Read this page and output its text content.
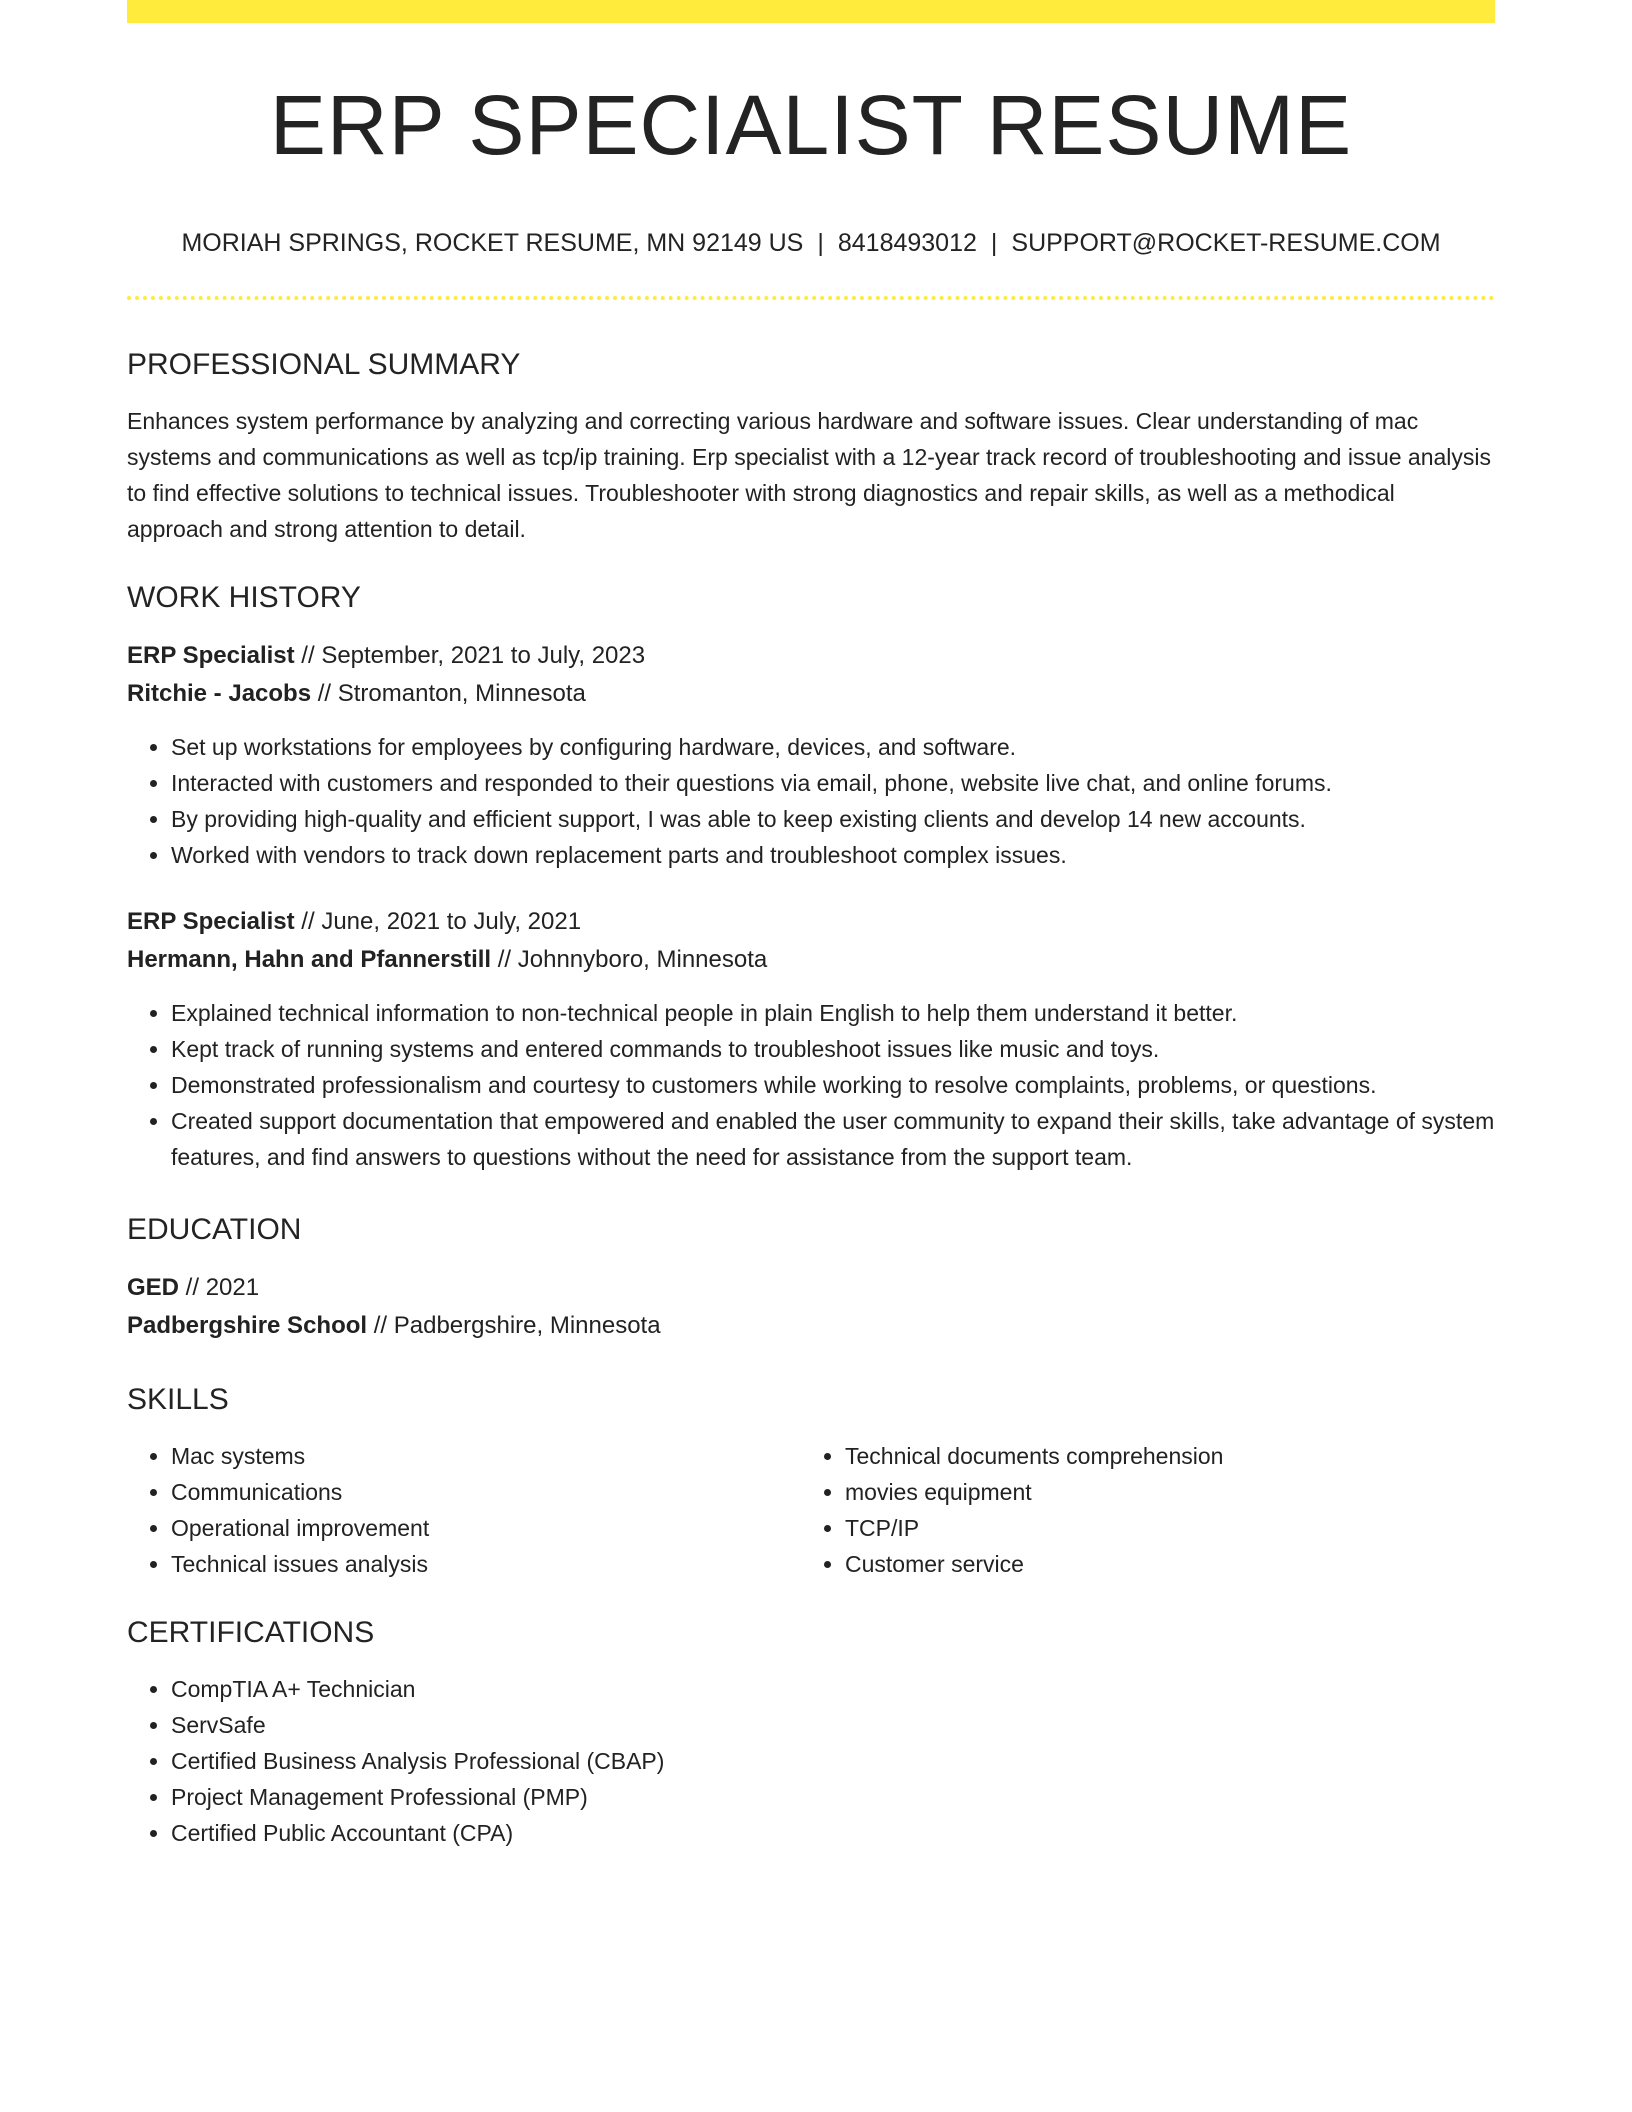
ERP SPECIALIST RESUME
MORIAH SPRINGS, ROCKET RESUME, MN 92149 US | 8418493012 | SUPPORT@ROCKET-RESUME.COM
PROFESSIONAL SUMMARY

Enhances system performance by analyzing and correcting various hardware and software issues. Clear understanding of mac systems and communications as well as tcp/ip training. Erp specialist with a 12-year track record of troubleshooting and issue analysis to find effective solutions to technical issues. Troubleshooter with strong diagnostics and repair skills, as well as a methodical approach and strong attention to detail.

WORK HISTORY

ERP Specialist // September, 2021 to July, 2023

Ritchie - Jacobs // Stromanton, Minnesota

• Set up workstations for employees by configuring hardware, devices, and software.
• Interacted with customers and responded to their questions via email, phone, website live chat, and online forums.
• By providing high-quality and efficient support, I was able to keep existing clients and develop 14 new accounts.
• Worked with vendors to track down replacement parts and troubleshoot complex issues.

ERP Specialist // June, 2021 to July, 2021

Hermann, Hahn and Pfannerstill // Johnnyboro, Minnesota

• Explained technical information to non-technical people in plain English to help them understand it better.
• Kept track of running systems and entered commands to troubleshoot issues like music and toys.
• Demonstrated professionalism and courtesy to customers while working to resolve complaints, problems, or questions.
• Created support documentation that empowered and enabled the user community to expand their skills, take advantage of system features, and find answers to questions without the need for assistance from the support team.
EDUCATION

GED // 2021

Padbergshire School // Padbergshire, Minnesota

SKILLS
• Mac systems
• Communications
• Operational improvement
• Technical issues analysis
• Technical documents comprehension
• movies equipment
• TCP/IP
• Customer service
CERTIFICATIONS
• CompTIA A+ Technician
• ServSafe
• Certified Business Analysis Professional (CBAP)
• Project Management Professional (PMP)
• Certified Public Accountant (CPA)
